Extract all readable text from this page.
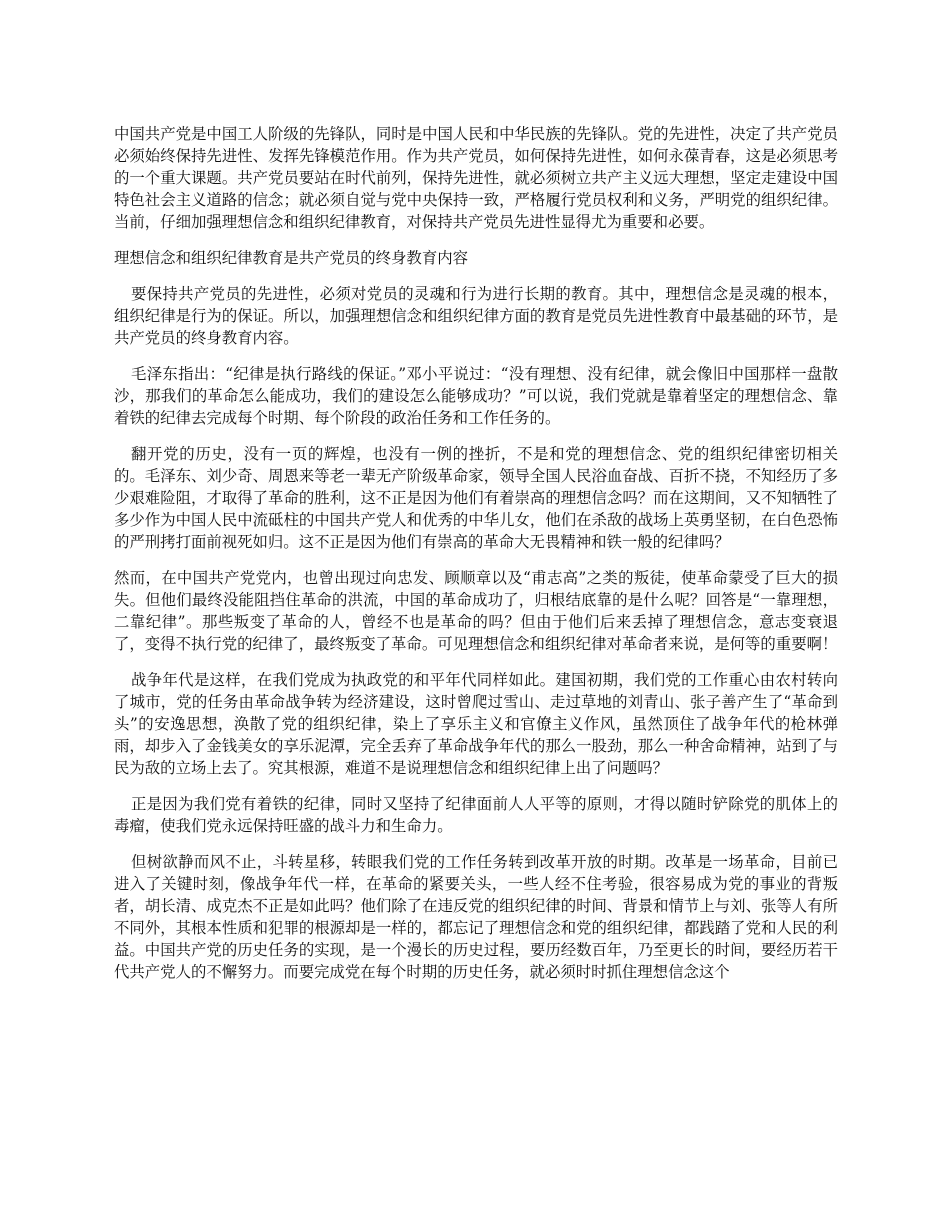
中国共产党是中国工人阶级的先锋队，同时是中国人民和中华民族的先锋队。党的先进性，决定了共产党员必须始终保持先进性、发挥先锋模范作用。作为共产党员，如何保持先进性，如何永葆青春，这是必须思考的一个重大课题。共产党员要站在时代前列，保持先进性，就必须树立共产主义远大理想，坚定走建设中国特色社会主义道路的信念；就必须自觉与党中央保持一致，严格履行党员权利和义务，严明党的组织纪律。当前，仔细加强理想信念和组织纪律教育，对保持共产党员先进性显得尤为重要和必要。

理想信念和组织纪律教育是共产党员的终身教育内容

要保持共产党员的先进性，必须对党员的灵魂和行为进行长期的教育。其中，理想信念是灵魂的根本，组织纪律是行为的保证。所以，加强理想信念和组织纪律方面的教育是党员先进性教育中最基础的环节，是共产党员的终身教育内容。

毛泽东指出：“纪律是执行路线的保证。”邓小平说过：“没有理想、没有纪律，就会像旧中国那样一盘散沙，那我们的革命怎么能成功，我们的建设怎么能够成功？”可以说，我们党就是靠着坚定的理想信念、靠着铁的纪律去完成每个时期、每个阶段的政治任务和工作任务的。

翻开党的历史，没有一页的辉煌，也没有一例的挫折，不是和党的理想信念、党的组织纪律密切相关的。毛泽东、刘少奇、周恩来等老一辈无产阶级革命家，领导全国人民浴血奋战、百折不挠，不知经历了多少艰难险阻，才取得了革命的胜利，这不正是因为他们有着崇高的理想信念吗？而在这期间，又不知牺牲了多少作为中国人民中流砥柱的中国共产党人和优秀的中华儿女，他们在杀敌的战场上英勇坚韧，在白色恐怖的严刑拷打面前视死如归。这不正是因为他们有崇高的革命大无畏精神和铁一般的纪律吗？

然而，在中国共产党党内，也曾出现过向忠发、顾顺章以及“甫志高”之类的叛徒，使革命蒙受了巨大的损失。但他们最终没能阻挡住革命的洪流，中国的革命成功了，归根结底靠的是什么呢？回答是“一靠理想，二靠纪律”。那些叛变了革命的人，曾经不也是革命的吗？但由于他们后来丢掉了理想信念，意志变衰退了，变得不执行党的纪律了，最终叛变了革命。可见理想信念和组织纪律对革命者来说，是何等的重要啊！

战争年代是这样，在我们党成为执政党的和平年代同样如此。建国初期，我们党的工作重心由农村转向了城市，党的任务由革命战争转为经济建设，这时曾爬过雪山、走过草地的刘青山、张子善产生了“革命到头”的安逸思想，涣散了党的组织纪律，染上了享乐主义和官僚主义作风，虽然顶住了战争年代的枪林弹雨，却步入了金钱美女的享乐泥潭，完全丢弃了革命战争年代的那么一股劲，那么一种舍命精神，站到了与民为敌的立场上去了。究其根源，难道不是说理想信念和组织纪律上出了问题吗？

正是因为我们党有着铁的纪律，同时又坚持了纪律面前人人平等的原则，才得以随时铲除党的肌体上的毒瘤，使我们党永远保持旺盛的战斗力和生命力。

但树欲静而风不止，斗转星移，转眼我们党的工作任务转到改革开放的时期。改革是一场革命，目前已进入了关键时刻，像战争年代一样，在革命的紧要关头，一些人经不住考验，很容易成为党的事业的背叛者，胡长清、成克杰不正是如此吗？他们除了在违反党的组织纪律的时间、背景和情节上与刘、张等人有所不同外，其根本性质和犯罪的根源却是一样的，都忘记了理想信念和党的组织纪律，都践踏了党和人民的利益。中国共产党的历史任务的实现，是一个漫长的历史过程，要历经数百年，乃至更长的时间，要经历若干代共产党人的不懈努力。而要完成党在每个时期的历史任务，就必须时时抓住理想信念这个
